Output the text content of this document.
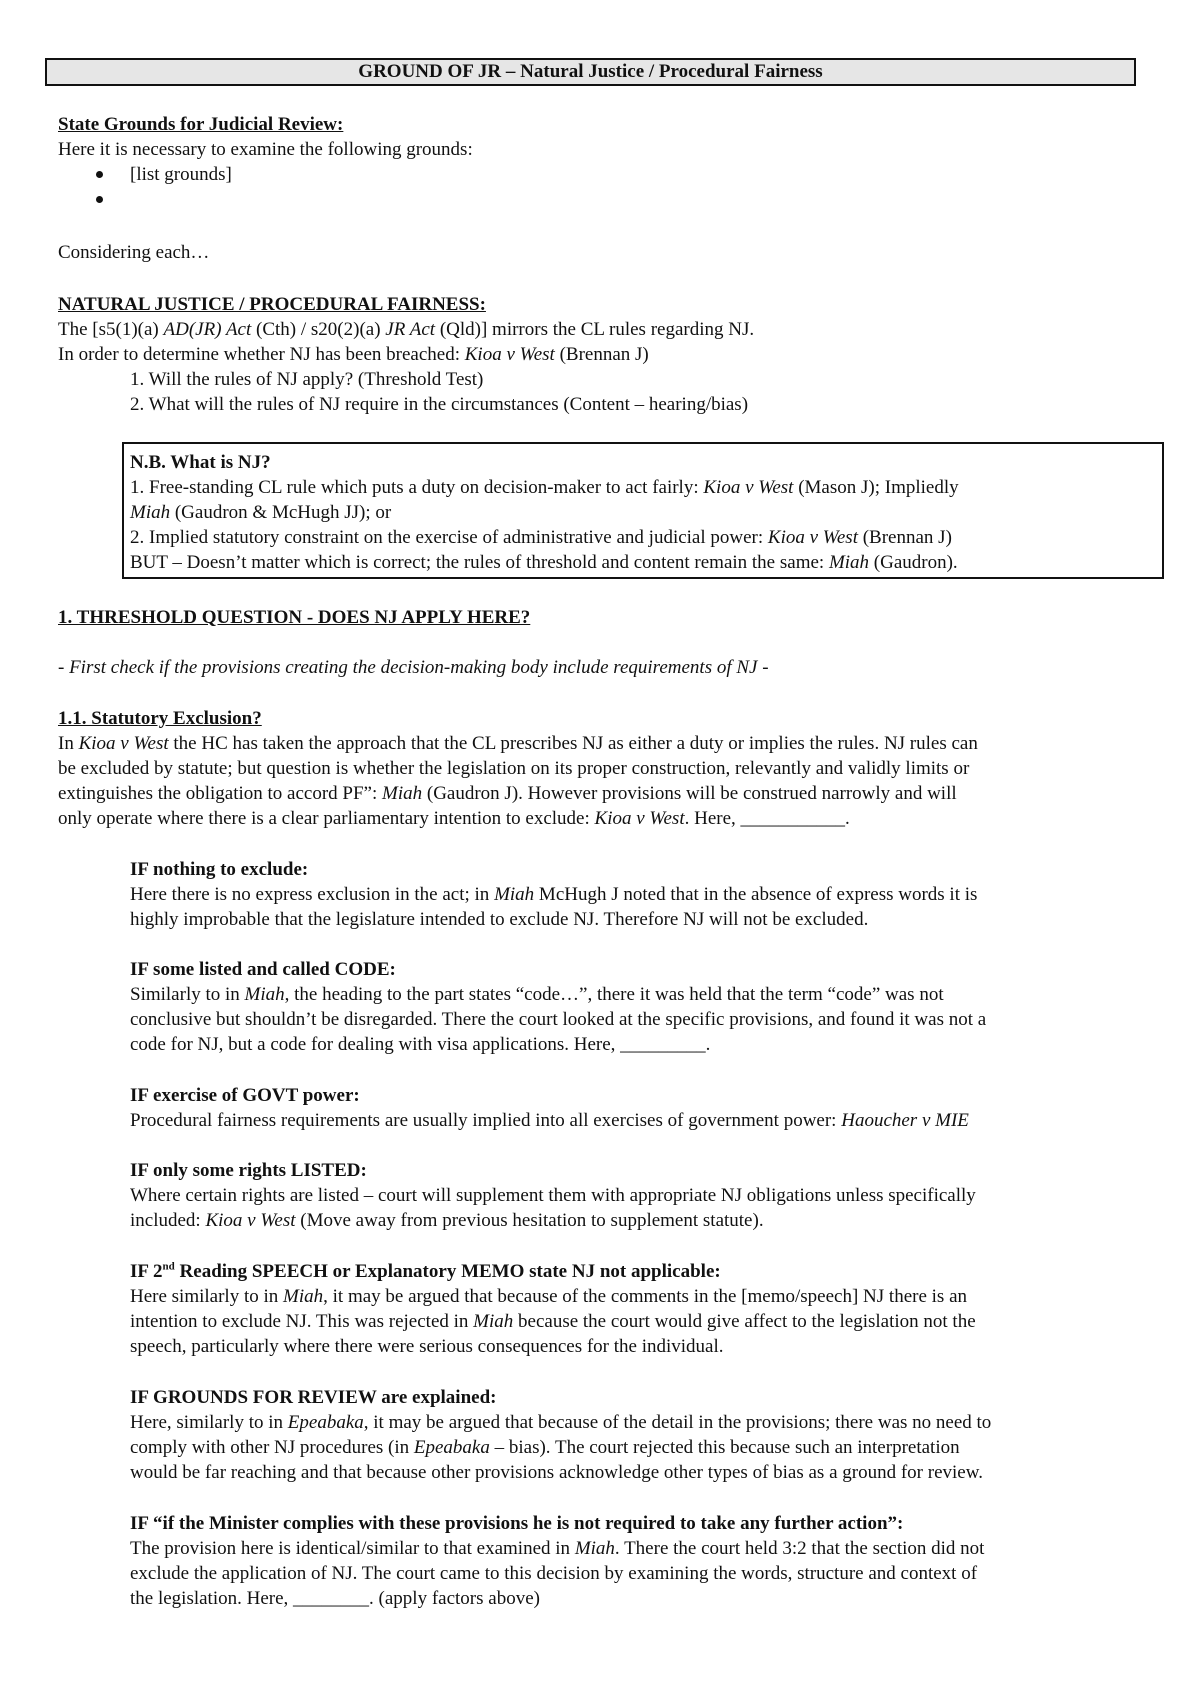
GROUND OF JR – Natural Justice / Procedural Fairness
State Grounds for Judicial Review:
Here it is necessary to examine the following grounds:
[list grounds]
Considering each…
NATURAL JUSTICE / PROCEDURAL FAIRNESS:
The [s5(1)(a) AD(JR) Act (Cth) / s20(2)(a) JR Act (Qld)] mirrors the CL rules regarding NJ.
In order to determine whether NJ has been breached: Kioa v West (Brennan J)
1. Will the rules of NJ apply? (Threshold Test)
2. What will the rules of NJ require in the circumstances (Content – hearing/bias)
N.B. What is NJ?
1. Free-standing CL rule which puts a duty on decision-maker to act fairly: Kioa v West (Mason J); Impliedly
Miah (Gaudron & McHugh JJ); or
2. Implied statutory constraint on the exercise of administrative and judicial power: Kioa v West (Brennan J)
BUT – Doesn’t matter which is correct; the rules of threshold and content remain the same: Miah (Gaudron).
1. THRESHOLD QUESTION - DOES NJ APPLY HERE?
- First check if the provisions creating the decision-making body include requirements of NJ -
1.1. Statutory Exclusion?
In Kioa v West the HC has taken the approach that the CL prescribes NJ as either a duty or implies the rules. NJ rules can
be excluded by statute; but question is whether the legislation on its proper construction, relevantly and validly limits or
extinguishes the obligation to accord PF”: Miah (Gaudron J). However provisions will be construed narrowly and will
only operate where there is a clear parliamentary intention to exclude: Kioa v West. Here, ___________.
IF nothing to exclude:
Here there is no express exclusion in the act; in Miah McHugh J noted that in the absence of express words it is
highly improbable that the legislature intended to exclude NJ. Therefore NJ will not be excluded.
IF some listed and called CODE:
Similarly to in Miah, the heading to the part states “code…”, there it was held that the term “code” was not
conclusive but shouldn’t be disregarded. There the court looked at the specific provisions, and found it was not a
code for NJ, but a code for dealing with visa applications. Here, _________.
IF exercise of GOVT power:
Procedural fairness requirements are usually implied into all exercises of government power: Haoucher v MIE
IF only some rights LISTED:
Where certain rights are listed – court will supplement them with appropriate NJ obligations unless specifically
included: Kioa v West (Move away from previous hesitation to supplement statute).
IF 2nd Reading SPEECH or Explanatory MEMO state NJ not applicable:
Here similarly to in Miah, it may be argued that because of the comments in the [memo/speech] NJ there is an
intention to exclude NJ. This was rejected in Miah because the court would give affect to the legislation not the
speech, particularly where there were serious consequences for the individual.
IF GROUNDS FOR REVIEW are explained:
Here, similarly to in Epeabaka, it may be argued that because of the detail in the provisions; there was no need to
comply with other NJ procedures (in Epeabaka – bias). The court rejected this because such an interpretation
would be far reaching and that because other provisions acknowledge other types of bias as a ground for review.
IF “if the Minister complies with these provisions he is not required to take any further action”:
The provision here is identical/similar to that examined in Miah. There the court held 3:2 that the section did not
exclude the application of NJ. The court came to this decision by examining the words, structure and context of
the legislation. Here, ________. (apply factors above)
